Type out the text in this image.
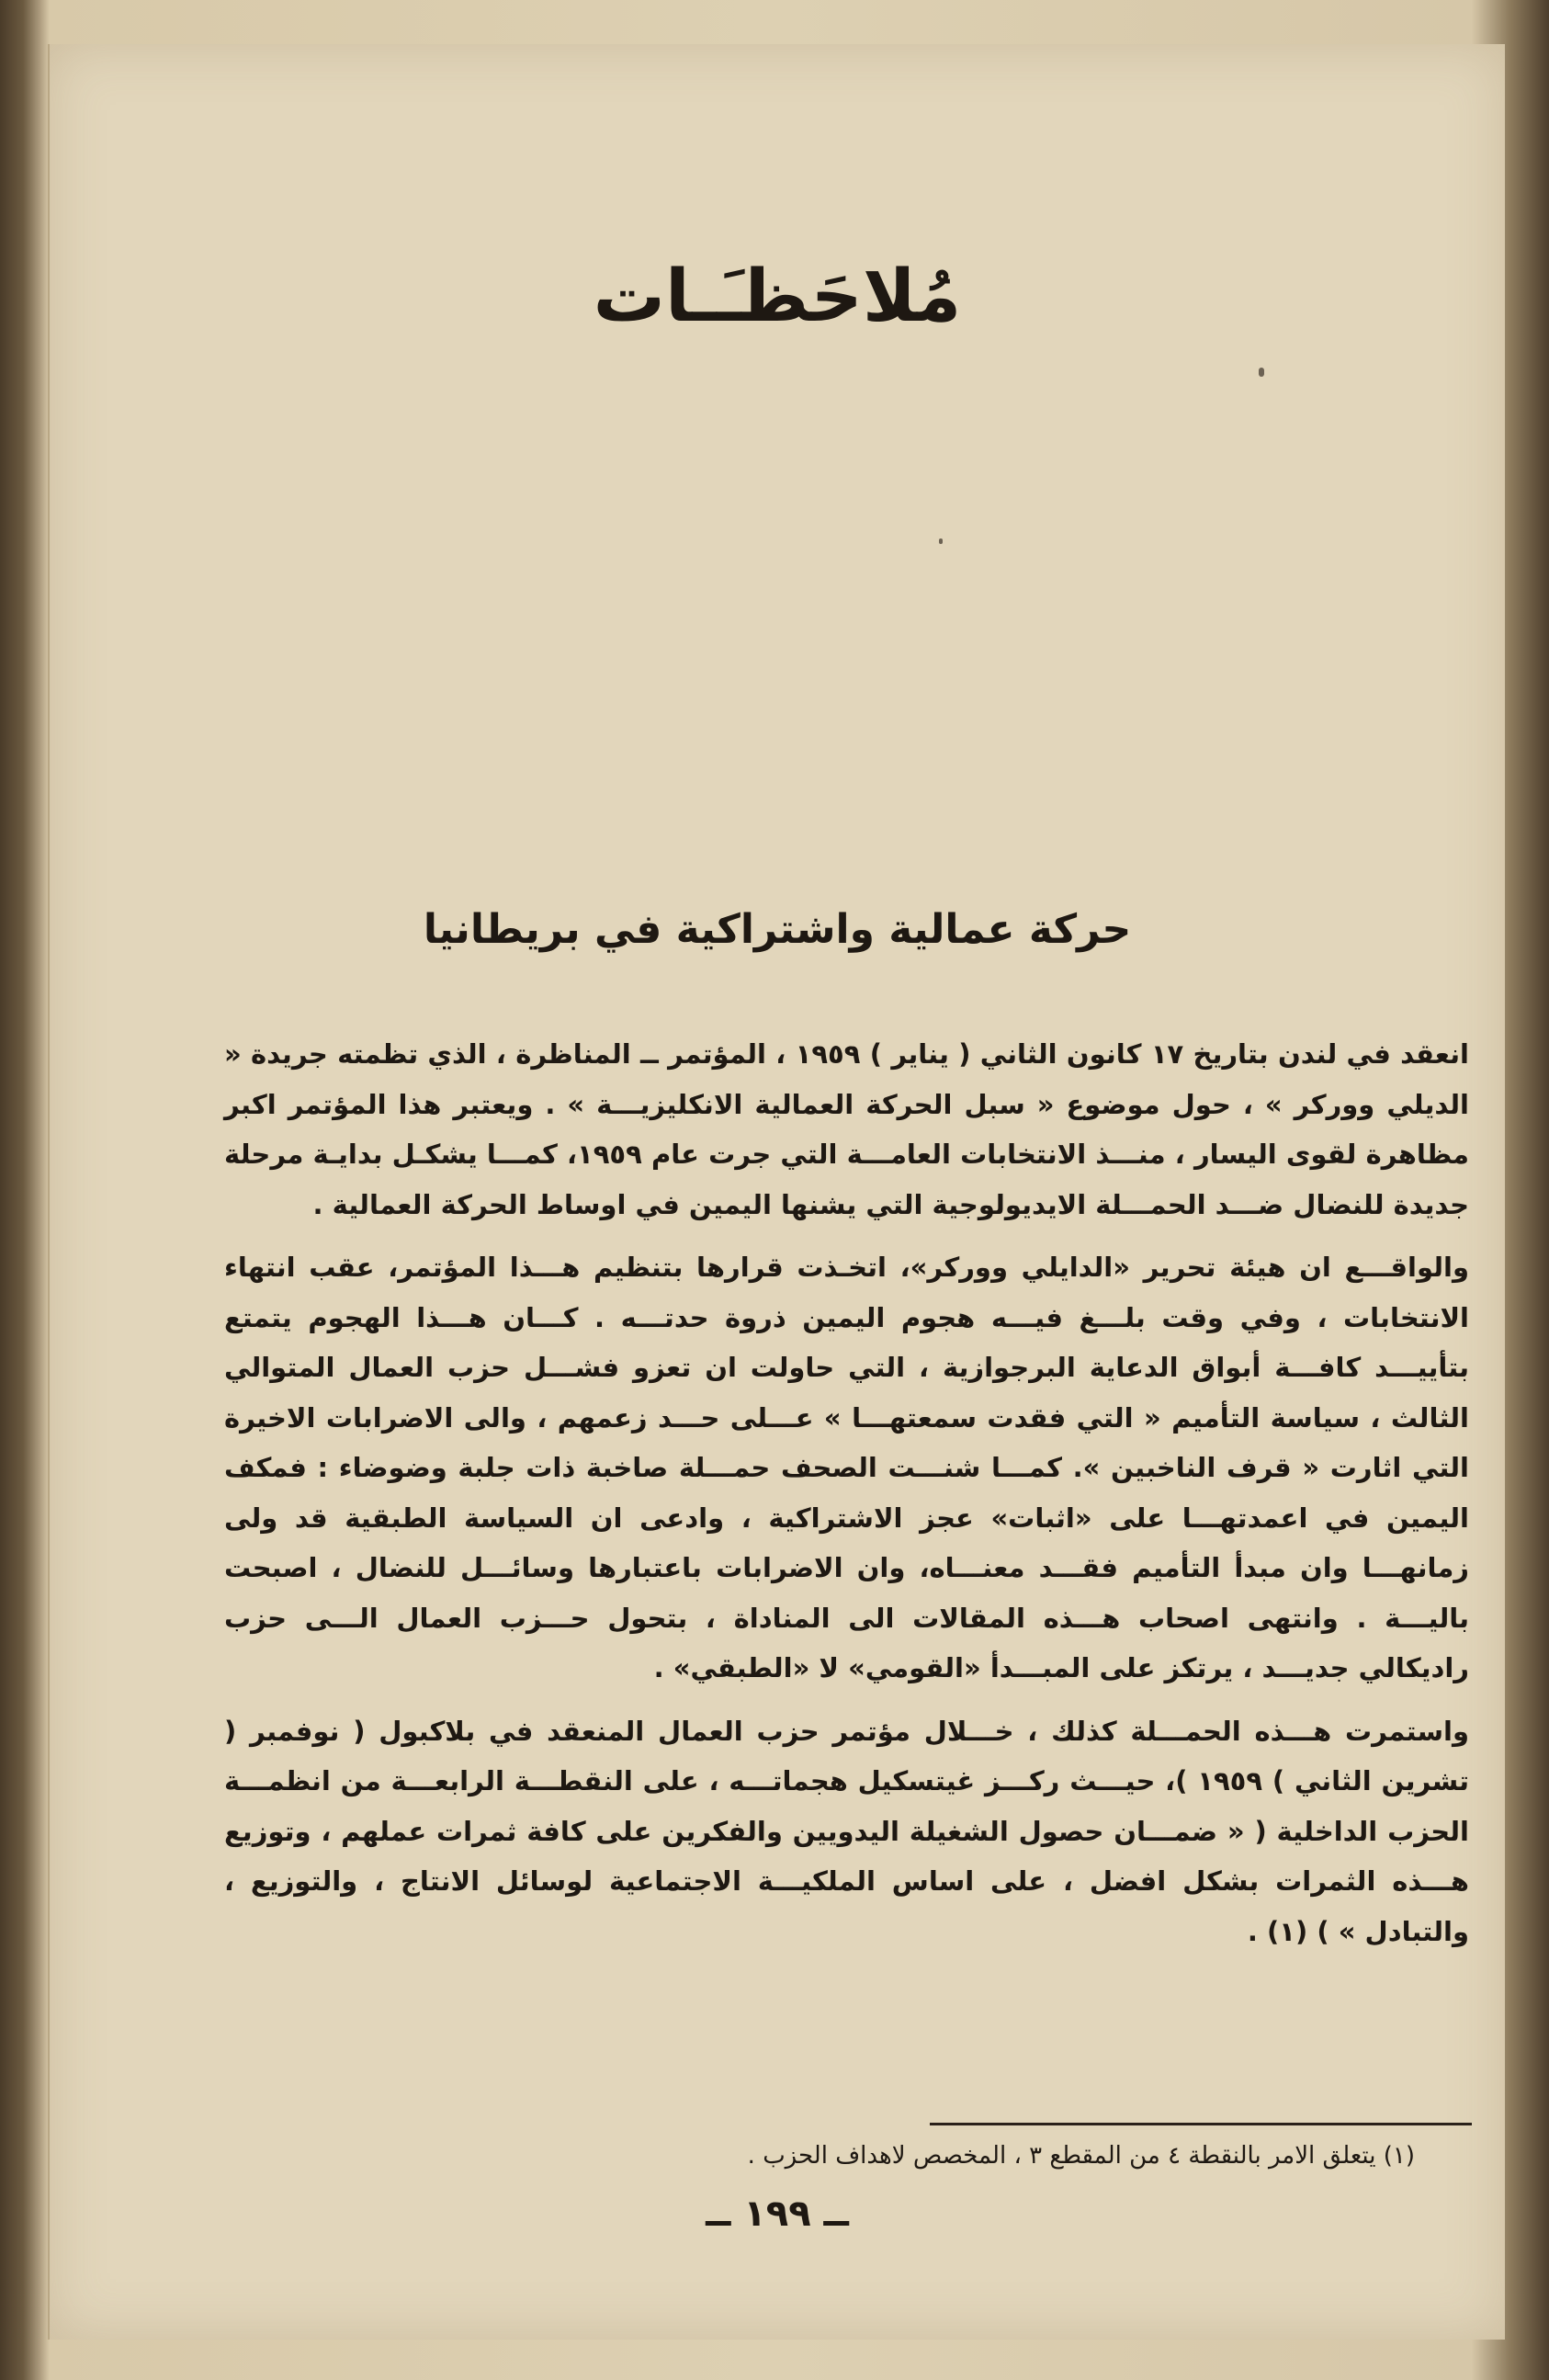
مُلاحَظـَـات
حركة عمالية واشتراكية في بريطانيا

انعقد في لندن بتاريخ ١٧ كانون الثاني ( يناير ) ١٩٥٩ ، المؤتمر ــ المناظرة ، الذي تظمته جريدة « الديلي ووركر » ، حول موضوع « سبل الحركة العمالية الانكليزيـــة » . ويعتبر هذا المؤتمر اكبر مظاهرة لقوى اليسار ، منـــذ الانتخابات العامـــة التي جرت عام ١٩٥٩، كمـــا يشكـل بدايـة مرحلة جديدة للنضال ضـــد الحمـــلة الايديولوجية التي يشنها اليمين في اوساط الحركة العمالية .

والواقـــع ان هيئة تحرير «الدايلي ووركر»، اتخـذت قرارها بتنظيم هـــذا المؤتمر، عقب انتهاء الانتخابات ، وفي وقت بلـــغ فيـــه هجوم اليمين ذروة حدتـــه . كـــان هـــذا الهجوم يتمتع بتأييـــد كافـــة أبواق الدعاية البرجوازية ، التي حاولت ان تعزو فشـــل حزب العمال المتوالي الثالث ، سياسة التأميم « التي فقدت سمعتهـــا » عـــلى حـــد زعمهم ، والى الاضرابات الاخيرة التي اثارت « قرف الناخبين ». كمـــا شنـــت الصحف حمـــلة صاخبة ذات جلبة وضوضاء : فمكف اليمين في اعمدتهـــا على «اثبات» عجز الاشتراكية ، وادعى ان السياسة الطبقية قد ولى زمانهـــا وان مبدأ التأميم فقـــد معنـــاه، وان الاضرابات باعتبارها وسائـــل للنضال ، اصبحت باليـــة . وانتهى اصحاب هـــذه المقالات الى المناداة ، بتحول حـــزب العمال الـــى حزب راديكالي جديـــد ، يرتكز على المبـــدأ «القومي» لا «الطبقي» .

واستمرت هـــذه الحمـــلة كذلك ، خـــلال مؤتمر حزب العمال المنعقد في بلاكبول ( نوفمبر ( تشرين الثاني ) ١٩٥٩ )، حيـــث ركـــز غيتسكيل هجماتـــه ، على النقطـــة الرابعـــة من انظمـــة الحزب الداخلية ( « ضمـــان حصول الشغيلة اليدويين والفكرين على كافة ثمرات عملهم ، وتوزيع هـــذه الثمرات بشكل افضل ، على اساس الملكيـــة الاجتماعية لوسائل الانتاج ، والتوزيع ، والتبادل » ) (١) .

(١) يتعلق الامر بالنقطة ٤ من المقطع ٣ ، المخصص لاهداف الحزب .
ــ ١٩٩ ــ
